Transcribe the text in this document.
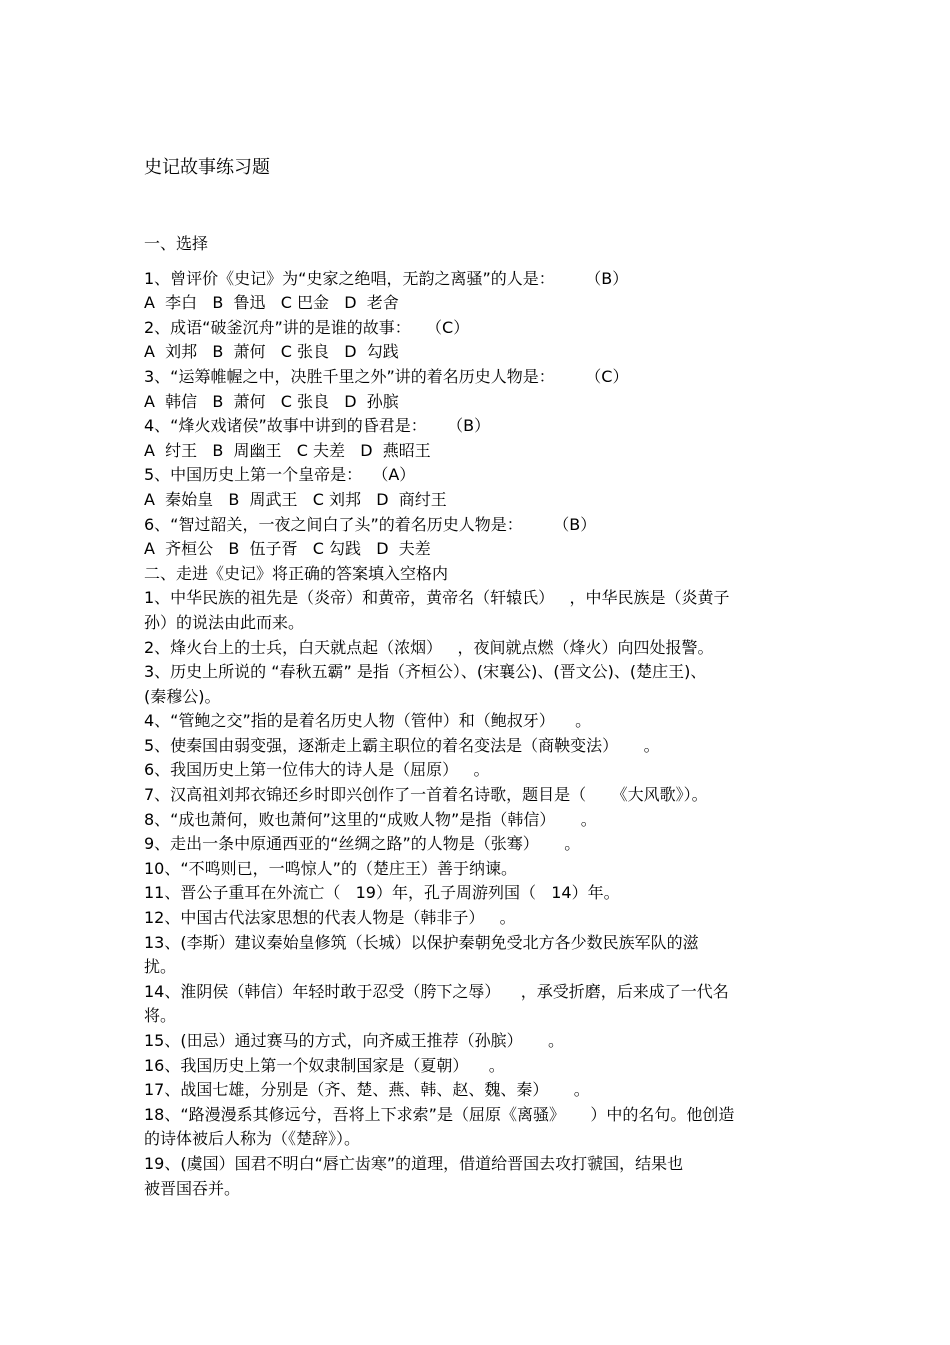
史记故事练习题
一、选择

1、曾评价《史记》为“史家之绝唱，无韵之离骚”的人是：      （B）

A  李白   B  鲁迅   C 巴金   D  老舍

2、成语“破釜沉舟”讲的是谁的故事：   （C）

A  刘邦   B  萧何   C 张良   D  勾践

3、“运筹帷幄之中，决胜千里之外”讲的着名历史人物是：      （C）

A  韩信   B  萧何   C 张良   D  孙膑

4、“烽火戏诸侯”故事中讲到的昏君是：    （B）

A  纣王   B  周幽王   C 夫差   D  燕昭王

5、中国历史上第一个皇帝是：  （A）

A  秦始皇   B  周武王   C 刘邦   D  商纣王

6、“智过韶关，一夜之间白了头”的着名历史人物是：      （B）

A  齐桓公   B  伍子胥   C 勾践   D  夫差

二、走进《史记》将正确的答案填入空格内

1、中华民族的祖先是（炎帝）和黄帝，黄帝名（轩辕氏）   ，中华民族是（炎黄子

孙）的说法由此而来。

2、烽火台上的士兵，白天就点起（浓烟）   ，夜间就点燃（烽火）向四处报警。

3、历史上所说的 “春秋五霸” 是指（齐桓公）、(宋襄公)、(晋文公)、(楚庄王)、

(秦穆公)。

4、“管鲍之交”指的是着名历史人物（管仲）和（鲍叔牙）    。

5、使秦国由弱变强，逐渐走上霸主职位的着名变法是（商鞅变法）     。

6、我国历史上第一位伟大的诗人是（屈原）   。

7、汉高祖刘邦衣锦还乡时即兴创作了一首着名诗歌，题目是（     《大风歌》）。

8、“成也萧何，败也萧何”这里的“成败人物”是指（韩信）     。

9、走出一条中原通西亚的“丝绸之路”的人物是（张骞）     。

10、“不鸣则已，一鸣惊人”的（楚庄王）善于纳谏。

11、晋公子重耳在外流亡（   19）年，孔子周游列国（   14）年。

12、中国古代法家思想的代表人物是（韩非子）   。

13、(李斯）建议秦始皇修筑（长城）以保护秦朝免受北方各少数民族军队的滋

扰。

14、淮阴侯（韩信）年轻时敢于忍受（胯下之辱）    ，承受折磨，后来成了一代名

将。

15、(田忌）通过赛马的方式，向齐威王推荐（孙膑）     。

16、我国历史上第一个奴隶制国家是（夏朝）    。

17、战国七雄，分别是（齐、楚、燕、韩、赵、魏、秦）     。

18、“路漫漫系其修远兮，吾将上下求索”是（屈原《离骚》     ）中的名句。他创造

的诗体被后人称为（《楚辞》）。

19、(虞国）国君不明白“唇亡齿寒”的道理，借道给晋国去攻打虢国，结果也

被晋国吞并。
